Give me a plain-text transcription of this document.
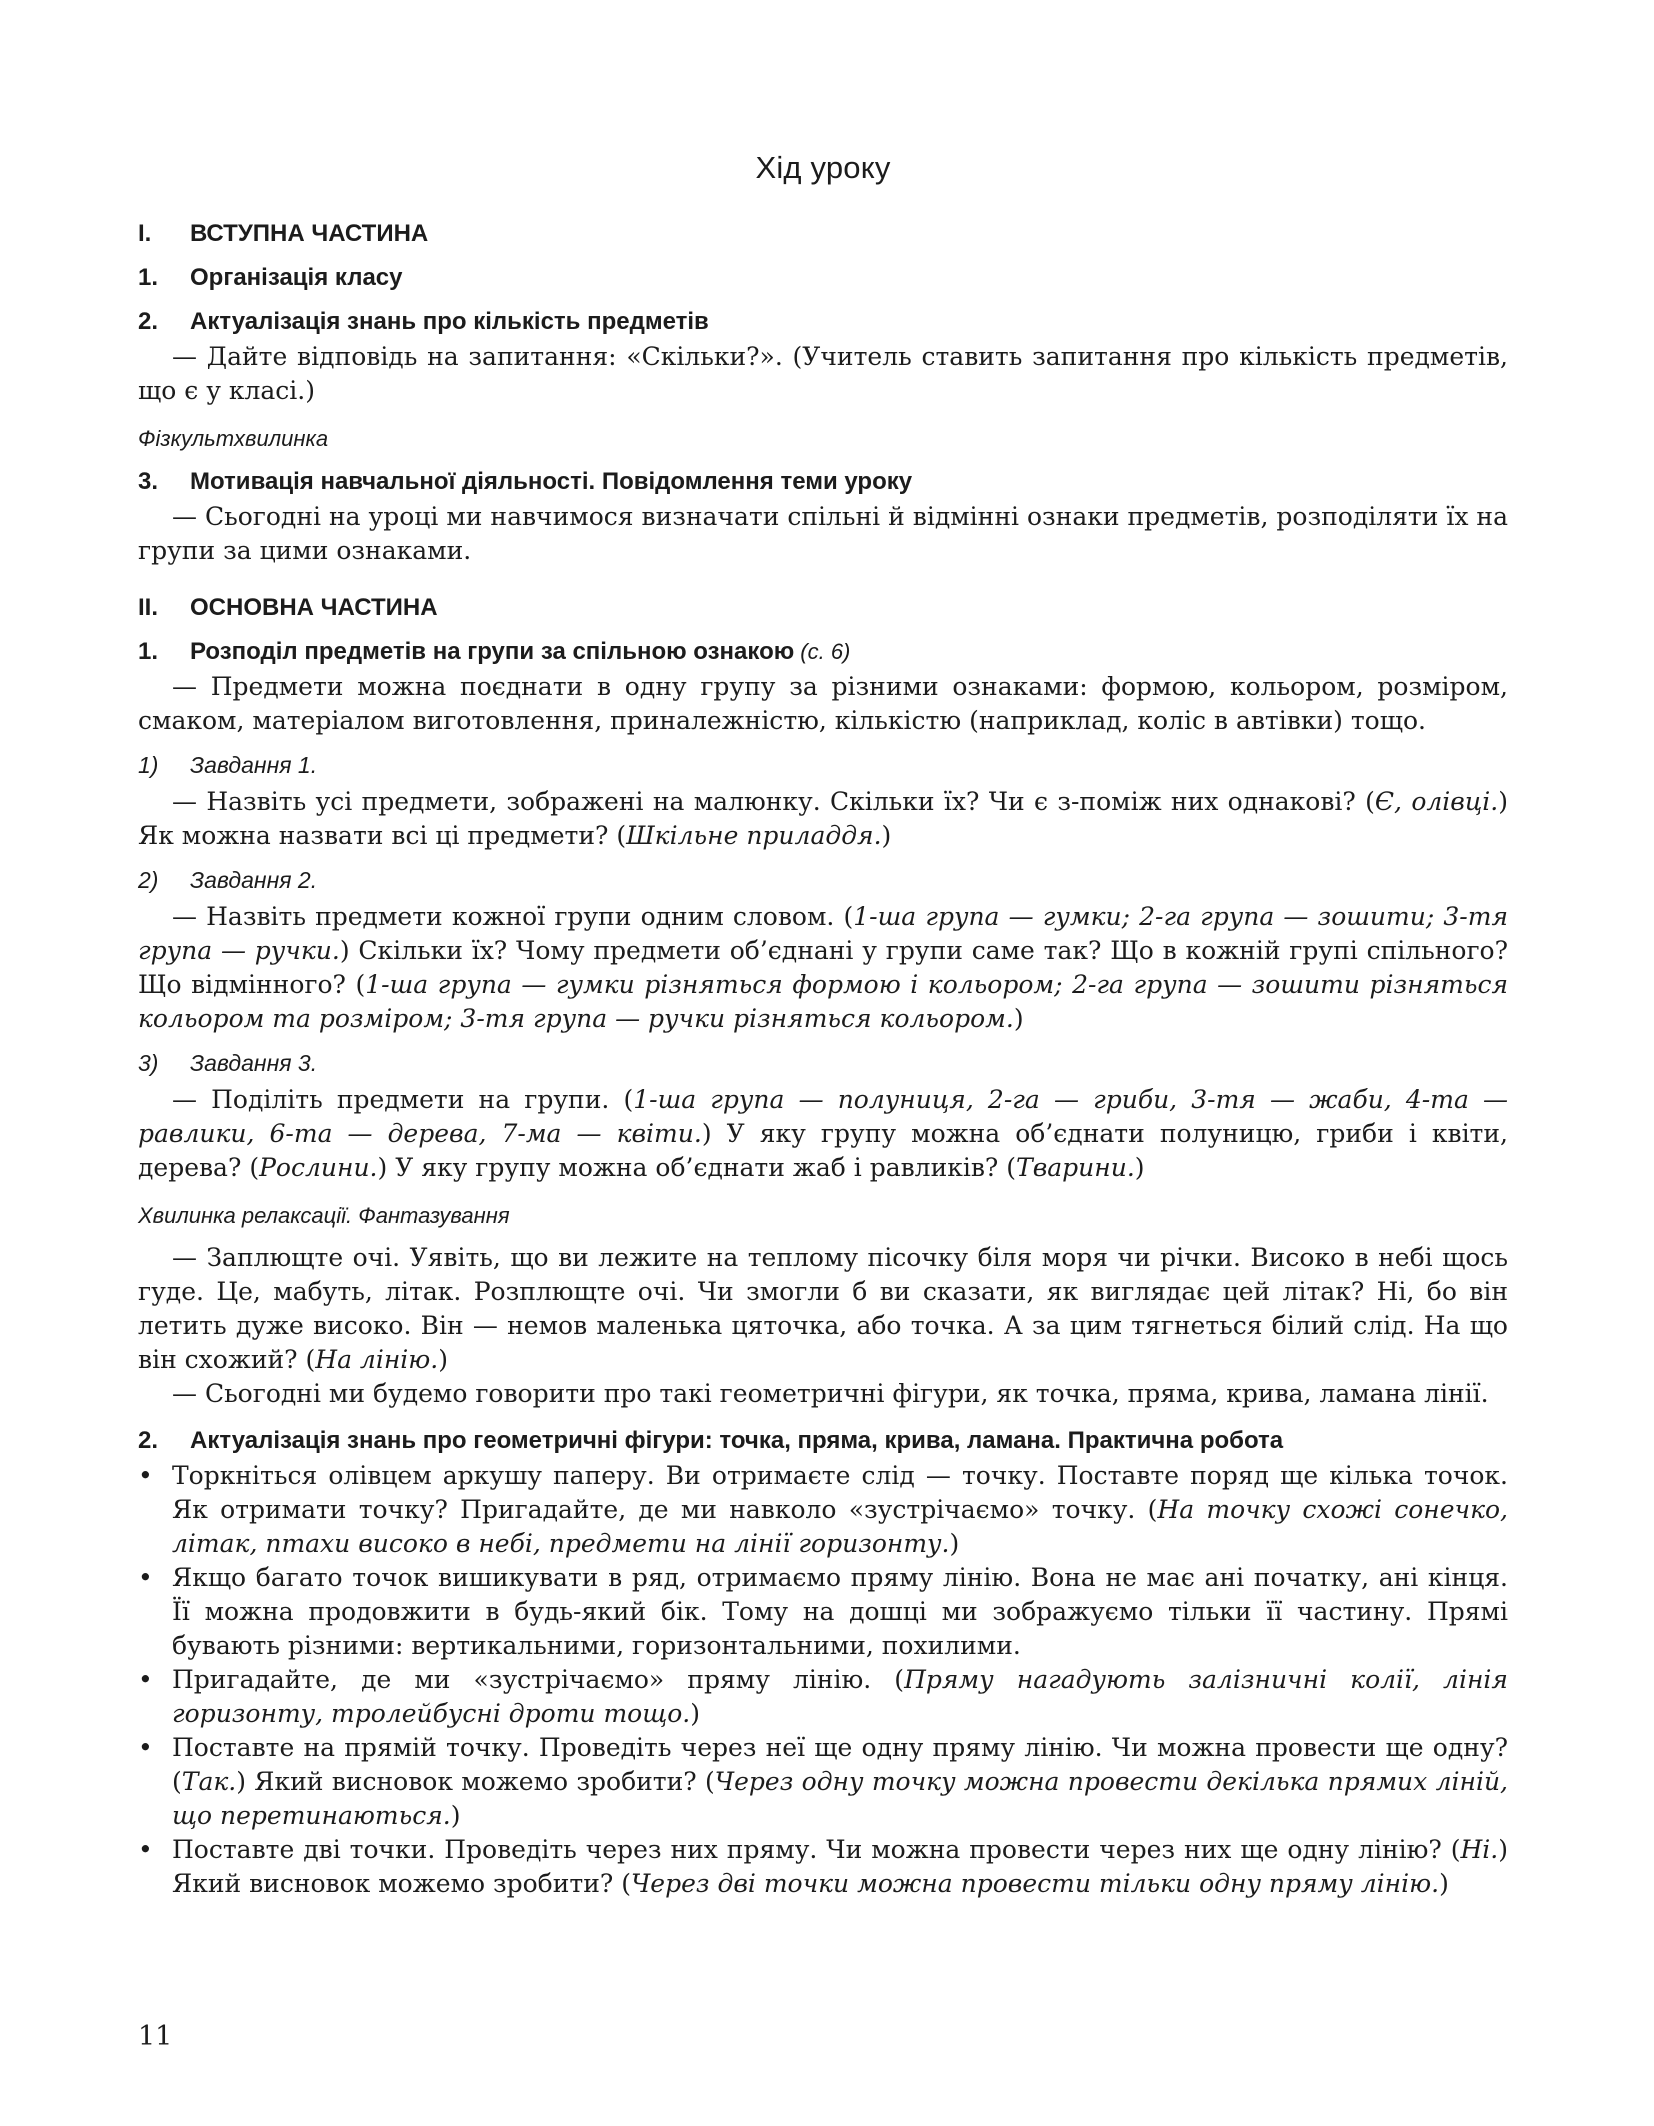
Хід уроку
I.	ВСТУПНА ЧАСТИНА
1.	Організація класу
2.	Актуалізація знань про кількість предметів

— Дайте відповідь на запитання: «Скільки?». (Учитель ставить запитання про кількість предметів, що є у класі.)

Фізкультхвилинка
3.	Мотивація навчальної діяльності. Повідомлення теми уроку

— Сьогодні на уроці ми навчимося визначати спільні й відмінні ознаки предметів, розподіляти їх на групи за цими ознаками.

II.	ОСНОВНА ЧАСТИНА
1.	Розподіл предметів на групи за спільною ознакою (с. 6)

— Предмети можна поєднати в одну групу за різними ознаками: формою, кольором, розміром, смаком, матеріалом виготовлення, приналежністю, кількістю (наприклад, коліс в автівки) тощо.

1)	Завдання 1.

— Назвіть усі предмети, зображені на малюнку. Скільки їх? Чи є з-поміж них однакові? (Є, олівці.) Як можна назвати всі ці предмети? (Шкільне приладдя.)

2)	Завдання 2.

— Назвіть предмети кожної групи одним словом. (1-ша група — гумки; 2-га група — зошити; 3-тя група — ручки.) Скільки їх? Чому предмети об’єднані у групи саме так? Що в кожній групі спільного? Що відмінного? (1-ша група — гумки різняться формою і кольором; 2-га група — зошити різняться кольором та розміром; 3-тя група — ручки різняться кольором.)

3)	Завдання 3.

— Поділіть предмети на групи. (1-ша група — полуниця, 2-га — гриби, 3-тя — жаби, 4-та — равлики, 6-та — дерева, 7-ма — квіти.) У яку групу можна об’єднати полуницю, гриби і квіти, дерева? (Рослини.) У яку групу можна об’єднати жаб і равликів? (Тварини.)

Хвилинка релаксації. Фантазування

— Заплющте очі. Уявіть, що ви лежите на теплому пісочку біля моря чи річки. Високо в небі щось гуде. Це, мабуть, літак. Розплющте очі. Чи змогли б ви сказати, як виглядає цей літак? Ні, бо він летить дуже високо. Він — немов маленька цяточка, або точка. А за цим тягнеться білий слід. На що він схожий? (На лінію.)

— Сьогодні ми будемо говорити про такі геометричні фігури, як точка, пряма, крива, ламана лінії.

2.	Актуалізація знань про геометричні фігури: точка, пряма, крива, ламана. Практична робота
• Торкніться олівцем аркушу паперу. Ви отримаєте слід — точку. Поставте поряд ще кілька точок. Як отримати точку? Пригадайте, де ми навколо «зустрічаємо» точку. (На точку схожі сонечко, літак, птахи високо в небі, предмети на лінії горизонту.)
• Якщо багато точок вишикувати в ряд, отримаємо пряму лінію. Вона не має ані початку, ані кінця. Її можна продовжити в будь-який бік. Тому на дошці ми зображуємо тільки її частину. Прямі бувають різними: вертикальними, горизонтальними, похилими.
• Пригадайте, де ми «зустрічаємо» пряму лінію. (Пряму нагадують залізничні колії, лінія горизонту, тролейбусні дроти тощо.)
• Поставте на прямій точку. Проведіть через неї ще одну пряму лінію. Чи можна провести ще одну? (Так.) Який висновок можемо зробити? (Через одну точку можна провести декілька прямих ліній, що перетинаються.)
• Поставте дві точки. Проведіть через них пряму. Чи можна провести через них ще одну лінію? (Ні.) Який висновок можемо зробити? (Через дві точки можна провести тільки одну пряму лінію.)
11
